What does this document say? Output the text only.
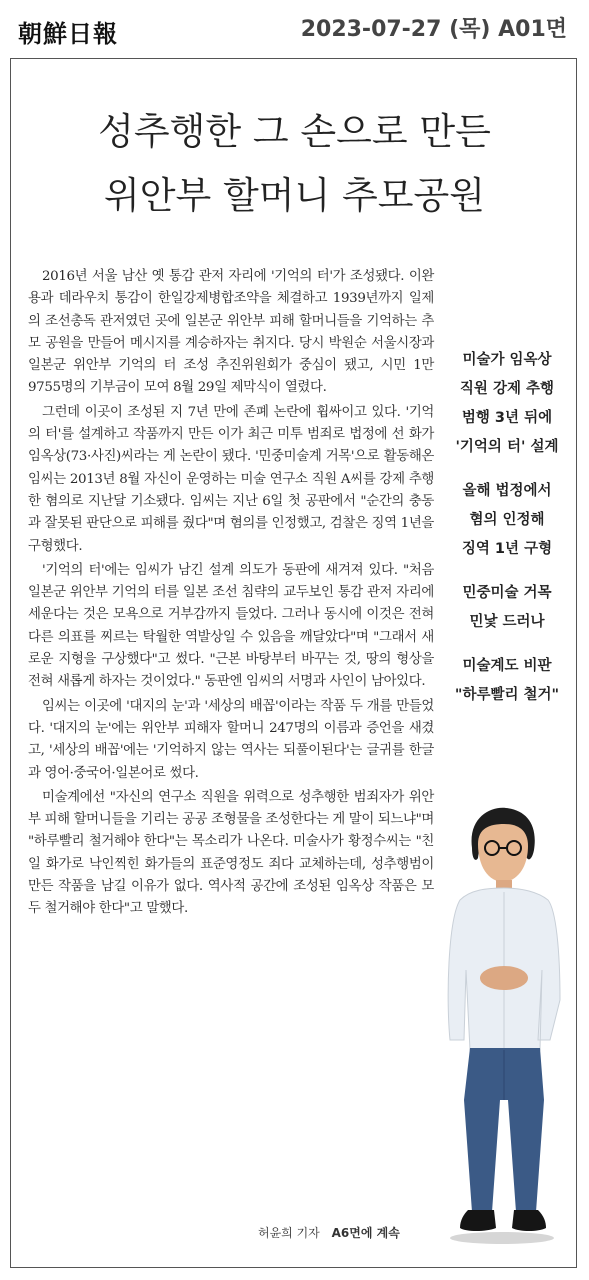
朝鮮日報	2023-07-27 (목) A01면
성추행한 그 손으로 만든
위안부 할머니 추모공원

2016년 서울 남산 옛 통감 관저 자리에 '기억의 터'가 조성됐다. 이완용과 데라우치 통감이 한일강제병합조약을 체결하고 1939년까지 일제의 조선총독 관저였던 곳에 일본군 위안부 피해 할머니들을 기억하는 추모 공원을 만들어 메시지를 계승하자는 취지다. 당시 박원순 서울시장과 일본군 위안부 기억의 터 조성 추진위원회가 중심이 됐고, 시민 1만9755명의 기부금이 모여 8월 29일 제막식이 열렸다.

그런데 이곳이 조성된 지 7년 만에 존폐 논란에 휩싸이고 있다. '기억의 터'를 설계하고 작품까지 만든 이가 최근 미투 범죄로 법정에 선 화가 임옥상(73·사진)씨라는 게 논란이 됐다. '민중미술계 거목'으로 활동해온 임씨는 2013년 8월 자신이 운영하는 미술 연구소 직원 A씨를 강제 추행한 혐의로 지난달 기소됐다. 임씨는 지난 6일 첫 공판에서 "순간의 충동과 잘못된 판단으로 피해를 줬다"며 혐의를 인정했고, 검찰은 징역 1년을 구형했다.

'기억의 터'에는 임씨가 남긴 설계 의도가 동판에 새겨져 있다. "처음 일본군 위안부 기억의 터를 일본 조선 침략의 교두보인 통감 관저 자리에 세운다는 것은 모욕으로 거부감까지 들었다. 그러나 동시에 이것은 전혀 다른 의표를 찌르는 탁월한 역발상일 수 있음을 깨달았다"며 "그래서 새로운 지형을 구상했다"고 썼다. "근본 바탕부터 바꾸는 것, 땅의 형상을 전혀 새롭게 하자는 것이었다." 동판엔 임씨의 서명과 사인이 남아있다.

임씨는 이곳에 '대지의 눈'과 '세상의 배꼽'이라는 작품 두 개를 만들었다. '대지의 눈'에는 위안부 피해자 할머니 247명의 이름과 증언을 새겼고, '세상의 배꼽'에는 '기억하지 않는 역사는 되풀이된다'는 글귀를 한글과 영어·중국어·일본어로 썼다.

미술계에선 "자신의 연구소 직원을 위력으로 성추행한 범죄자가 위안부 피해 할머니들을 기리는 공공 조형물을 조성한다는 게 말이 되느냐"며 "하루빨리 철거해야 한다"는 목소리가 나온다. 미술사가 황정수씨는 "친일 화가로 낙인찍힌 화가들의 표준영정도 죄다 교체하는데, 성추행범이 만든 작품을 남길 이유가 없다. 역사적 공간에 조성된 임옥상 작품은 모두 철거해야 한다"고 말했다.

허윤희 기자 A6면에 계속
미술가 임옥상
직원 강제 추행
범행 3년 뒤에
'기억의 터' 설계
올해 법정에서
혐의 인정해
징역 1년 구형
민중미술 거목
민낯 드러나
미술계도 비판
"하루빨리 철거"
